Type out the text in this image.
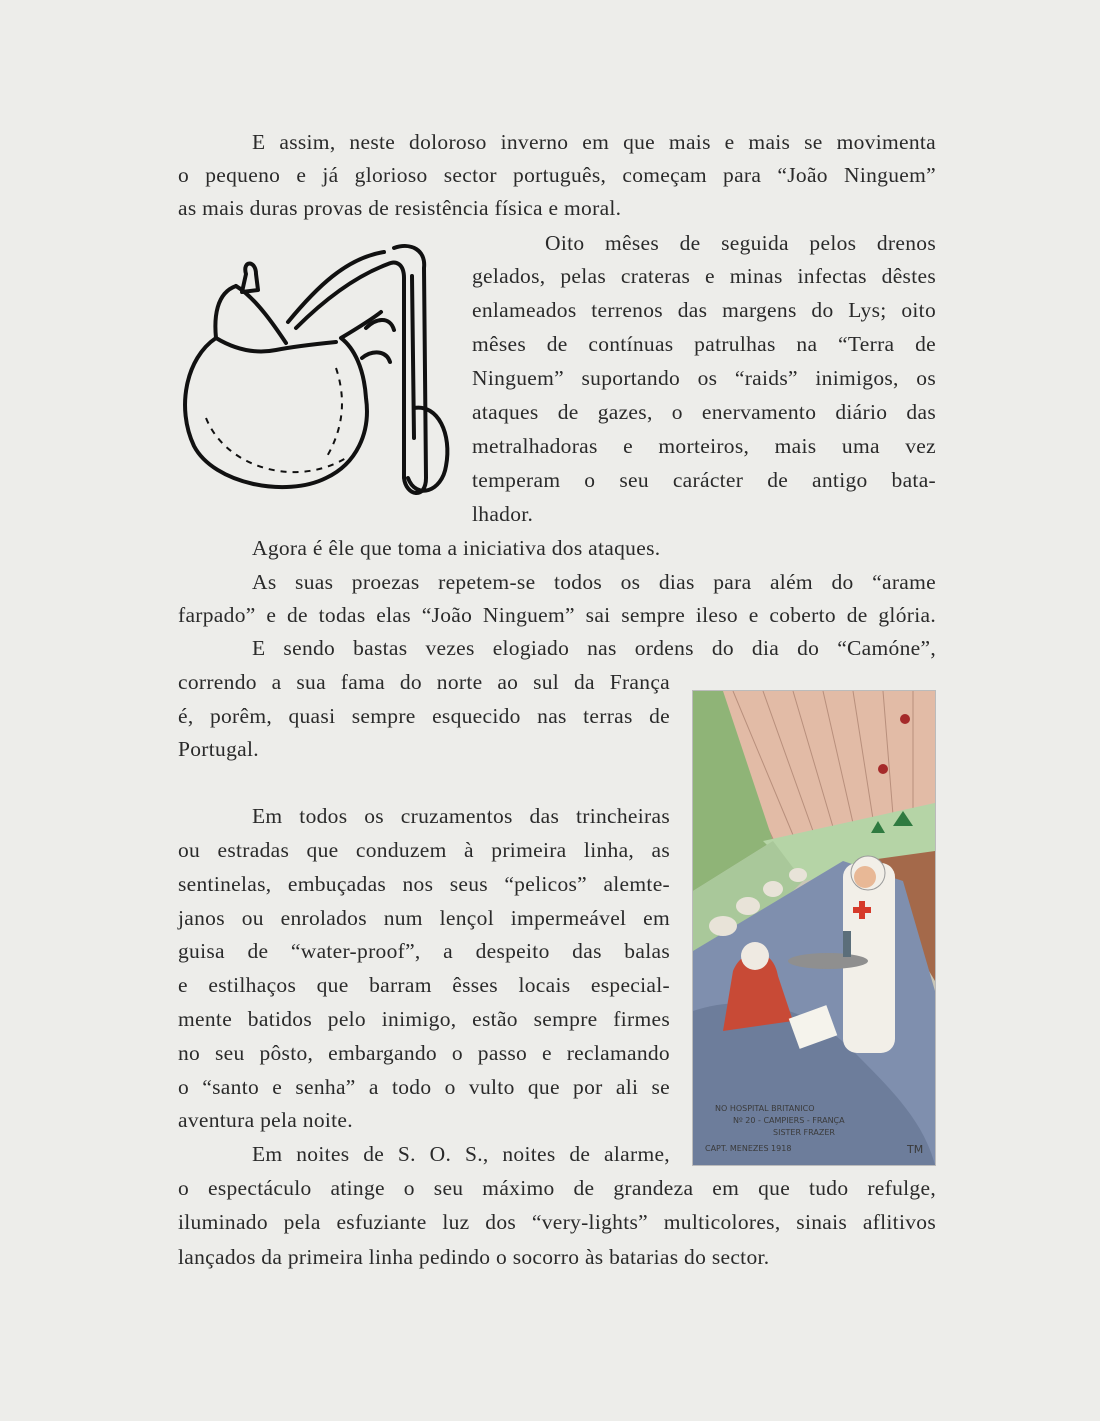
E assim, neste doloroso inverno em que mais e mais se movimenta
o pequeno e já glorioso sector português, começam para “João Ninguem”
as mais duras provas de resistência física e moral.
Oito mêses de seguida pelos drenos
gelados, pelas crateras e minas infectas dêstes
enlameados terrenos das margens do Lys; oito
mêses de contínuas patrulhas na “Terra de
Ninguem” suportando os “raids” inimigos, os
ataques de gazes, o enervamento diário das
metralhadoras e morteiros, mais uma vez
temperam o seu carácter de antigo bata-
lhador.
Agora é êle que toma a iniciativa dos ataques.
As suas proezas repetem-se todos os dias para além do “arame
farpado” e de todas elas “João Ninguem” sai sempre ileso e coberto de glória.
E sendo bastas vezes elogiado nas ordens do dia do “Camóne”,
correndo a sua fama do norte ao sul da França
é, porêm, quasi sempre esquecido nas terras de
Portugal.
Em todos os cruzamentos das trincheiras
ou estradas que conduzem à primeira linha, as
sentinelas, embuçadas nos seus “pelicos” alemte-
janos ou enrolados num lençol impermeável em
guisa de “water-proof”, a despeito das balas
e estilhaços que barram êsses locais especial-
mente batidos pelo inimigo, estão sempre firmes
no seu pôsto, embargando o passo e reclamando
o “santo e senha” a todo o vulto que por ali se
aventura pela noite.
Em noites de S. O. S., noites de alarme,
o espectáculo atinge o seu máximo de grandeza em que tudo refulge,
iluminado pela esfuziante luz dos “very-lights” multicolores, sinais aflitivos
lançados da primeira linha pedindo o socorro às batarias do sector.
NO HOSPITAL BRITANICO
Nº 20 - CAMPIERS - FRANÇA
SISTER FRAZER
CAPT. MENEZES 1918	TM
